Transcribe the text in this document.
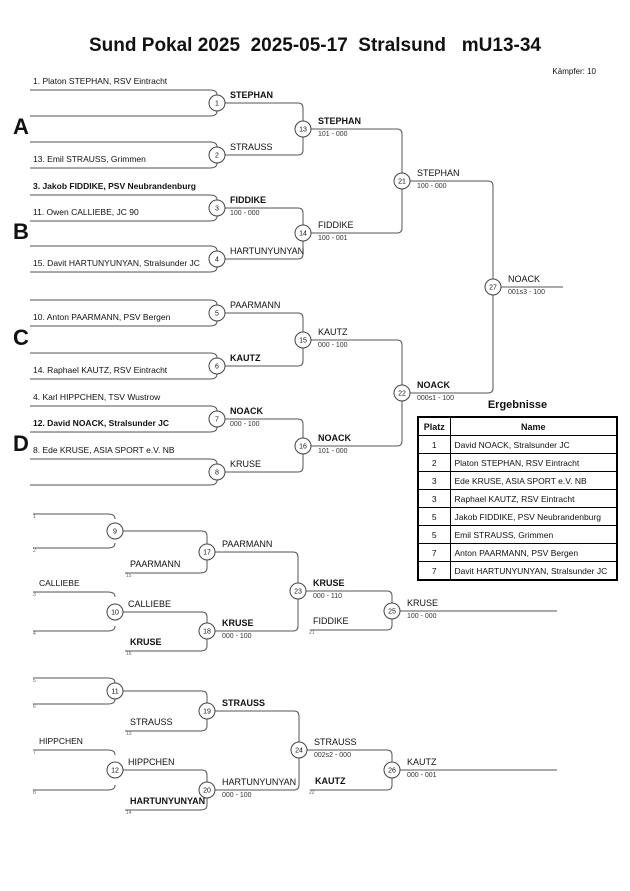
Sund Pokal 2025  2025-05-17  Stralsund   mU13-34
Kämpfer: 10
1
2
3
4
5
6
7
8
13
14
15
16
21
22
27
9
10
11
12
17
18
19
20
23
24
25
26
A
B
C
D
1. Platon STEPHAN, RSV Eintracht
13. Emil STRAUSS, Grimmen
3. Jakob FIDDIKE, PSV Neubrandenburg
11. Owen CALLIEBE, JC 90
15. Davit HARTUNYUNYAN, Stralsunder JC
10. Anton PAARMANN, PSV Bergen
14. Raphael KAUTZ, RSV Eintracht
4. Karl HIPPCHEN, TSV Wustrow
12. David NOACK, Stralsunder JC
8. Ede KRUSE, ASIA SPORT e.V. NB
STEPHAN
STRAUSS
FIDDIKE
100 - 000
HARTUNYUNYAN
PAARMANN
KAUTZ
NOACK
000 - 100
KRUSE
STEPHAN
101 - 000
FIDDIKE
100 - 001
KAUTZ
000 - 100
NOACK
101 - 000
STEPHAN
100 - 000
NOACK
000s1 - 100
NOACK
001s3 - 100
1
2
CALLIEBE
3
4
CALLIEBE
PAARMANN
15
KRUSE
16
PAARMANN
KRUSE
000 - 100
KRUSE
000 - 110
FIDDIKE
21
KRUSE
100 - 000
5
6
HIPPCHEN
7
8
HIPPCHEN
STRAUSS
13
HARTUNYUNYAN
14
STRAUSS
HARTUNYUNYAN
000 - 100
STRAUSS
002s2 - 000
KAUTZ
22
KAUTZ
000 - 001
Ergebnisse
Platz	Name
1	David NOACK, Stralsunder JC
2	Platon STEPHAN, RSV Eintracht
3	Ede KRUSE, ASIA SPORT e.V. NB
3	Raphael KAUTZ, RSV Eintracht
5	Jakob FIDDIKE, PSV Neubrandenburg
5	Emil STRAUSS, Grimmen
7	Anton PAARMANN, PSV Bergen
7	Davit HARTUNYUNYAN, Stralsunder JC
